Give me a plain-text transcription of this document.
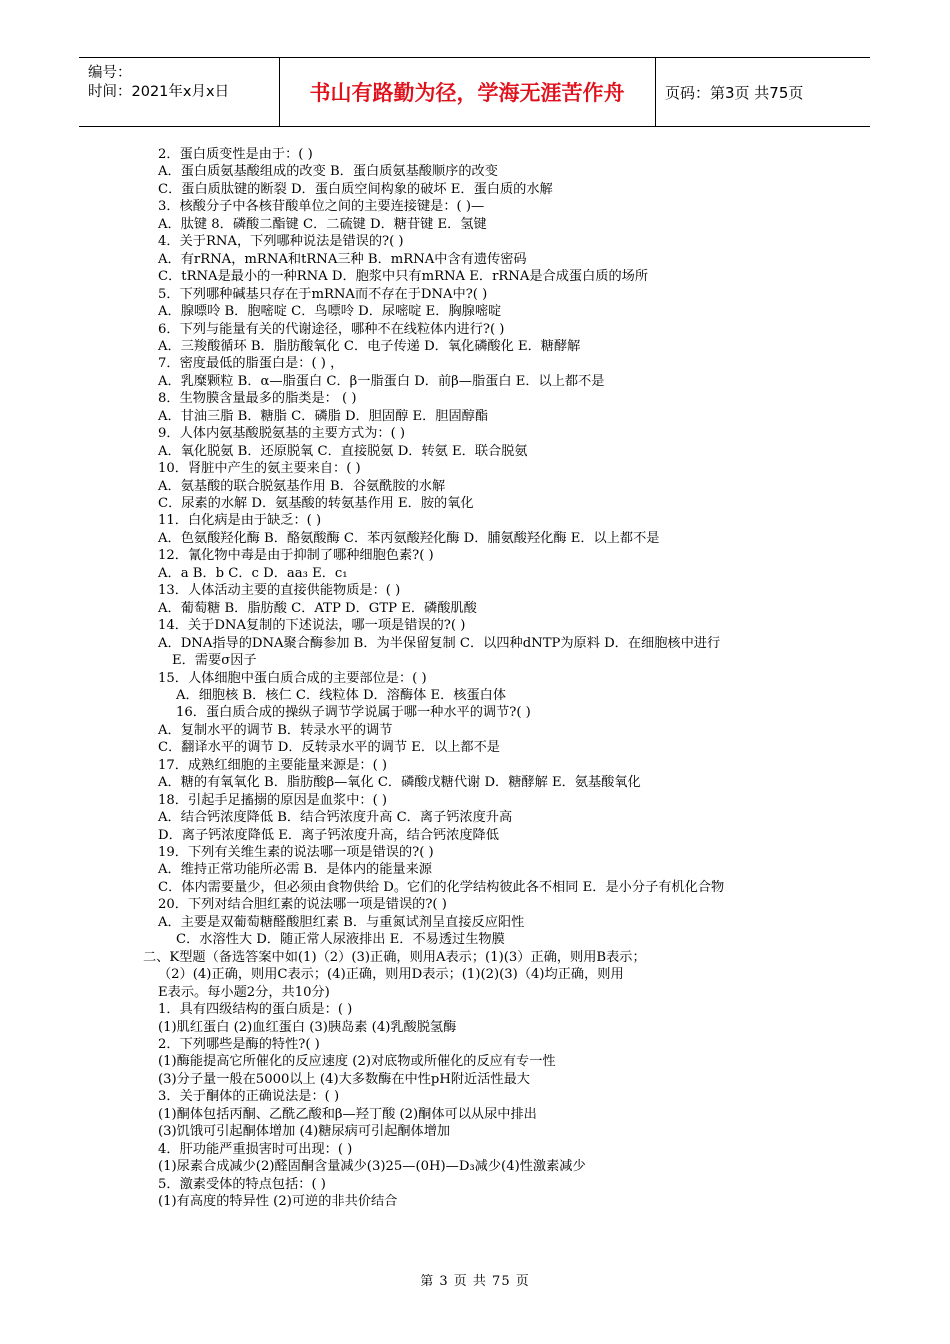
编号：
时间：2021年x月x日	书山有路勤为径，学海无涯苦作舟	页码：第3页 共75页
2．蛋白质变性是由于：( )
A．蛋白质氨基酸组成的改变 B．蛋白质氨基酸顺序的改变
C．蛋白质肽键的断裂 D．蛋白质空间构象的破坏 E．蛋白质的水解
3．核酸分子中各核苷酸单位之间的主要连接键是：( )—
A．肽键 8．磷酸二酯键 C．二硫键 D．糖苷键 E．氢键
4．关于RNA，下列哪种说法是错误的?( )
A．有rRNA，mRNA和tRNA三种 B．mRNA中含有遗传密码
C．tRNA是最小的一种RNA D．胞浆中只有mRNA E．rRNA是合成蛋白质的场所
5．下列哪种碱基只存在于mRNA而不存在于DNA中?( )
A．腺嘌呤 B．胞嘧啶 C．鸟嘌呤 D．尿嘧啶 E．胸腺嘧啶
6．下列与能量有关的代谢途径，哪种不在线粒体内进行?( )
A．三羧酸循环 B．脂肪酸氧化 C．电子传递 D．氧化磷酸化 E．糖酵解
7．密度最低的脂蛋白是：( ) ，
A．乳糜颗粒 B．α—脂蛋白 C．β一脂蛋白 D．前β—脂蛋白 E．以上都不是
8．生物膜含量最多的脂类是： ( )
A．甘油三脂 B．糖脂 C．磷脂 D．胆固醇 E．胆固醇酯
9．人体内氨基酸脱氨基的主要方式为：( )
A．氧化脱氨 B．还原脱氧 C．直接脱氨 D．转氨 E．联合脱氨
10．肾脏中产生的氨主要来自：( )
A．氨基酸的联合脱氨基作用 B．谷氨酰胺的水解
C．尿素的水解 D．氨基酸的转氨基作用 E．胺的氧化
11．白化病是由于缺乏：( )
A．色氨酸羟化酶 B．酪氨酸酶 C．苯丙氨酸羟化酶 D．脯氨酸羟化酶 E．以上都不是
12．氰化物中毒是由于抑制了哪种细胞色素?( )
A．a B．b C．c D．aa₃ E．c₁
13．人体活动主要的直接供能物质是：( )
A．葡萄糖 B．脂肪酸 C．ATP D．GTP E．磷酸肌酸
14．关于DNA复制的下述说法，哪一项是错误的?( )
A．DNA指导的DNA聚合酶参加 B．为半保留复制 C．以四种dNTP为原料 D．在细胞核中进行
E．需要σ因子
15．人体细胞中蛋白质合成的主要部位是：( )
A．细胞核 B．核仁 C．线粒体 D．溶酶体 E．核蛋白体
16．蛋白质合成的操纵子调节学说属于哪一种水平的调节?( )
A．复制水平的调节 B．转录水平的调节
C．翻译水平的调节 D．反转录水平的调节 E．以上都不是
17．成熟红细胞的主要能量来源是：( )
A．糖的有氧氧化 B．脂肪酸β—氧化 C．磷酸戊糖代谢 D．糖酵解 E．氨基酸氧化
18．引起手足搐搦的原因是血浆中：( )
A．结合钙浓度降低 B．结合钙浓度升高 C．离子钙浓度升高
D．离子钙浓度降低 E．离子钙浓度升高，结合钙浓度降低
19．下列有关维生素的说法哪一项是错误的?( )
A．维持正常功能所必需 B．是体内的能量来源
C．体内需要量少，但必须由食物供给 D。它们的化学结构彼此各不相同 E．是小分子有机化合物
20．下列对结合胆红素的说法哪一项是错误的?( )
A．主要是双葡萄糖醛酸胆红素 B．与重氮试剂呈直接反应阳性
C．水溶性大 D．随正常人尿液排出 E．不易透过生物膜
二、K型题（备选答案中如(1)（2）(3)正确，则用A表示；(1)(3）正确，则用B表示；
（2）(4)正确，则用C表示；(4)正确，则用D表示；(1)(2)(3)（4)均正确，则用
E表示。每小题2分，共10分)
1．具有四级结构的蛋白质是：( )
(1)肌红蛋白 (2)血红蛋白 (3)胰岛素 (4)乳酸脱氢酶
2．下列哪些是酶的特性?( )
(1)酶能提高它所催化的反应速度 (2)对底物或所催化的反应有专一性
(3)分子量一般在5000以上 (4)大多数酶在中性pH附近活性最大
3．关于酮体的正确说法是：( )
(1)酮体包括丙酮、乙酰乙酸和β—羟丁酸 (2)酮体可以从尿中排出
(3)饥饿可引起酮体增加 (4)糖尿病可引起酮体增加
4．肝功能严重损害时可出现：( )
(1)尿素合成减少(2)醛固酮含量减少(3)25—(0H)—D₃减少(4)性激素减少
5．激素受体的特点包括：( )
(1)有高度的特异性 (2)可逆的非共价结合
第 3 页 共 75 页
